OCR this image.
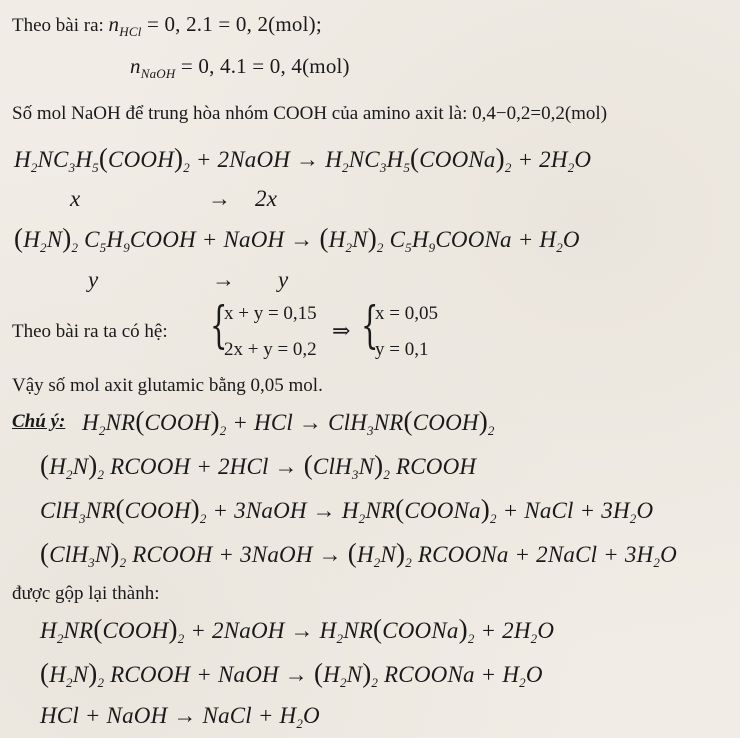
Theo bài ra: $n_{HCl} = 0$, 2.1 = 0, 2(mol);
$n_{NaOH} = 0$, 4.1 = 0, 4(mol)
Số mol NaOH để trung hòa nhóm COOH của amino axit là: 0,4−0,2=0,2(mol)
$H_2NC_3H_5(COOH)_2$ + 2NaOH → $H_2NC_3H_5(COONa)_2 + 2H_2O$
x	→ 2x
$(H_2N)_2$ $C_5H_9COOH$ + NaOH → $(H_2N)_2$ $C_5H_9COONa + H_2O$
y	→ y
Theo bài ra ta có hệ: {
x + y = 0,15
2x + y = 0,2
⇒ {
x = 0,05
y = 0,1
Vậy số mol axit glutamic bằng 0,05 mol.
Chú ý: $H_2NR(COOH)_2$ + HCl → $ClH_3NR(COOH)_2$
$(H_2N)_2$ RCOOH + $2HCl \to (ClH_3N)_2$ RCOOH
$ClH_3NR(COOH)_2$ + 3NaOH → $H_2NR(COONa)_2$ + NaCl + $3H_2O$
$(ClH_3N)_2$ RCOOH + 3NaOH → $(H_2N)_2$ RCOONa + 2NaCl + $3H_2O$
được gộp lại thành:
$H_2NR(COOH)_2$ + 2NaOH → $H_2NR(COONa)_2 + 2H_2O$
$(H_2N)_2$ RCOOH + NaOH → $(H_2N)_2$ RCOONa + $H_2O$
HCl + NaOH → NaCl + $H_2O$
